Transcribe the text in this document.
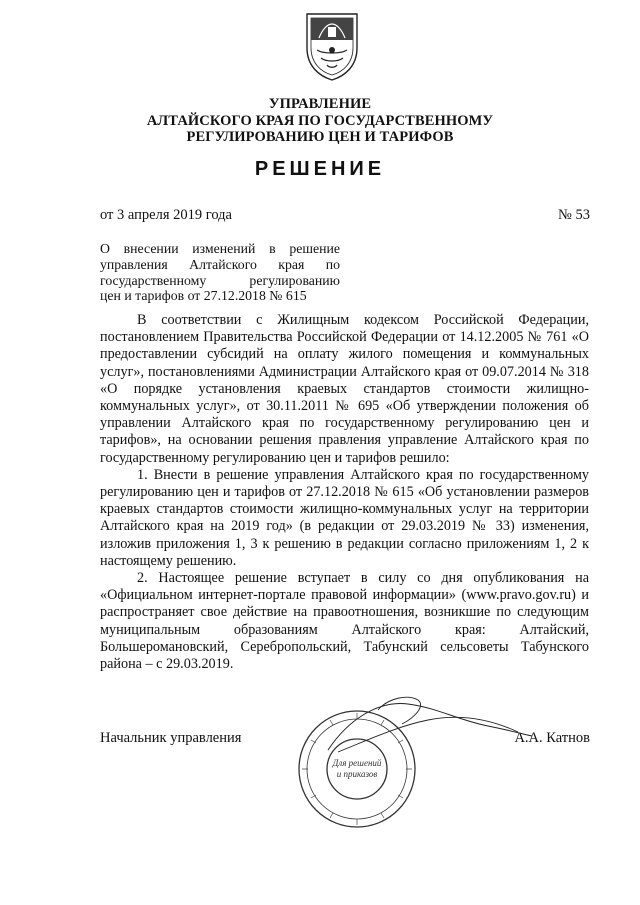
УПРАВЛЕНИЕ
АЛТАЙСКОГО КРАЯ ПО ГОСУДАРСТВЕННОМУ
РЕГУЛИРОВАНИЮ ЦЕН И ТАРИФОВ
РЕШЕНИЕ
от 3 апреля 2019 года	№ 53
О внесении изменений в решение
управления Алтайского края по
государственному регулированию
цен и тарифов от 27.12.2018 № 615

В соответствии с Жилищным кодексом Российской Федерации, постановлением Правительства Российской Федерации от 14.12.2005 № 761 «О предоставлении субсидий на оплату жилого помещения и коммунальных услуг», постановлениями Администрации Алтайского края от 09.07.2014 № 318 «О порядке установления краевых стандартов стоимости жилищно-коммунальных услуг», от 30.11.2011 № 695 «Об утверждении положения об управлении Алтайского края по государственному регулированию цен и тарифов», на основании решения правления управление Алтайского края по государственному регулированию цен и тарифов решило:

1. Внести в решение управления Алтайского края по государственному регулированию цен и тарифов от 27.12.2018 № 615 «Об установлении размеров краевых стандартов стоимости жилищно-коммунальных услуг на территории Алтайского края на 2019 год» (в редакции от 29.03.2019 № 33) изменения, изложив приложения 1, 3 к решению в редакции согласно приложениям 1, 2 к настоящему решению.

2. Настоящее решение вступает в силу со дня опубликования на «Официальном интернет-портале правовой информации» (www.pravo.gov.ru) и распространяет свое действие на правоотношения, возникшие по следующим муниципальным образованиям Алтайского края: Алтайский, Большеромановский, Серебропольский, Табунский сельсоветы Табунского района – с 29.03.2019.

Начальник управления	А.А. Катнов
Для решений
и приказов
